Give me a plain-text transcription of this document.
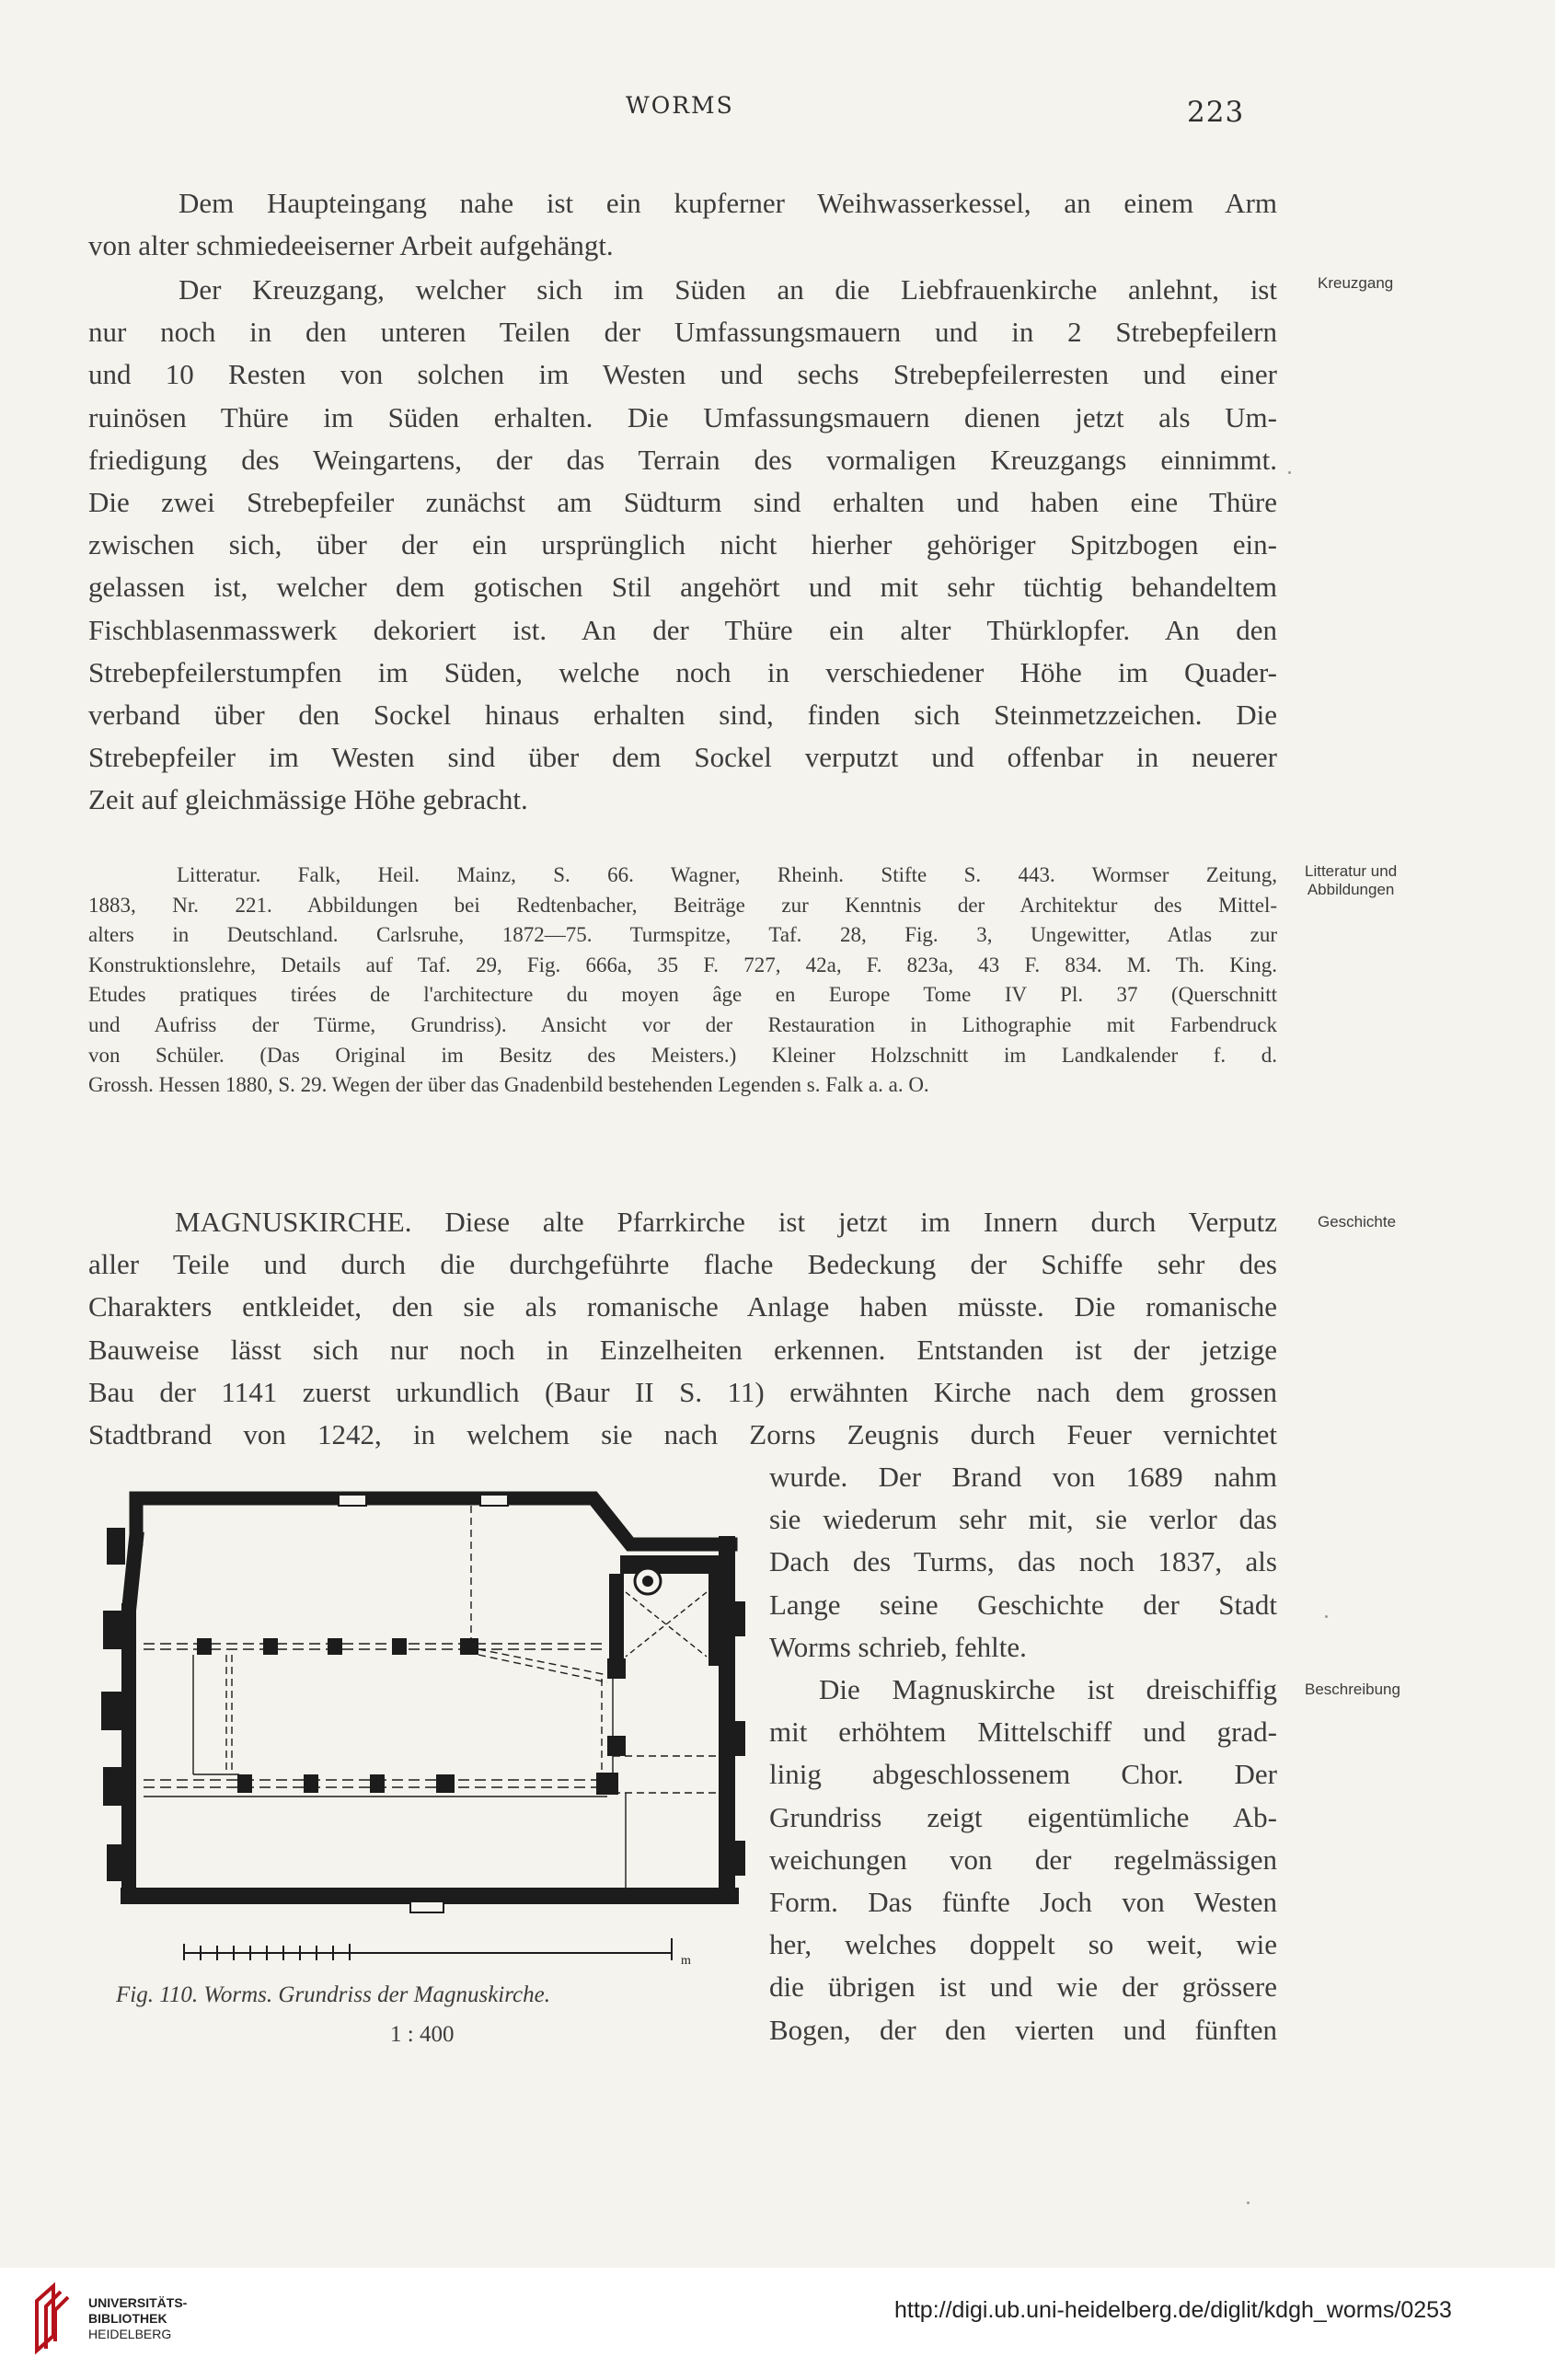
WORMS	223
Dem Haupteingang nahe ist ein kupferner Weihwasserkessel, an einem Arm
von alter schmiedeeiserner Arbeit aufgehängt.
Der Kreuzgang, welcher sich im Süden an die Liebfrauenkirche anlehnt, ist
nur noch in den unteren Teilen der Umfassungsmauern und in 2 Strebepfeilern
und 10 Resten von solchen im Westen und sechs Strebepfeilerresten und einer
ruinösen Thüre im Süden erhalten. Die Umfassungsmauern dienen jetzt als Um-
friedigung des Weingartens, der das Terrain des vormaligen Kreuzgangs einnimmt.
Die zwei Strebepfeiler zunächst am Südturm sind erhalten und haben eine Thüre
zwischen sich, über der ein ursprünglich nicht hierher gehöriger Spitzbogen ein-
gelassen ist, welcher dem gotischen Stil angehört und mit sehr tüchtig behandeltem
Fischblasenmasswerk dekoriert ist. An der Thüre ein alter Thürklopfer. An den
Strebepfeilerstumpfen im Süden, welche noch in verschiedener Höhe im Quader-
verband über den Sockel hinaus erhalten sind, finden sich Steinmetzzeichen. Die
Strebepfeiler im Westen sind über dem Sockel verputzt und offenbar in neuerer
Zeit auf gleichmässige Höhe gebracht.
Litteratur. Falk, Heil. Mainz, S. 66. Wagner, Rheinh. Stifte S. 443. Wormser Zeitung,
1883, Nr. 221. Abbildungen bei Redtenbacher, Beiträge zur Kenntnis der Architektur des Mittel-
alters in Deutschland. Carlsruhe, 1872—75. Turmspitze, Taf. 28, Fig. 3, Ungewitter, Atlas zur
Konstruktionslehre, Details auf Taf. 29, Fig. 666a, 35 F. 727, 42a, F. 823a, 43 F. 834. M. Th. King.
Etudes pratiques tirées de l'architecture du moyen âge en Europe Tome IV Pl. 37 (Querschnitt
und Aufriss der Türme, Grundriss). Ansicht vor der Restauration in Lithographie mit Farbendruck
von Schüler. (Das Original im Besitz des Meisters.) Kleiner Holzschnitt im Landkalender f. d.
Grossh. Hessen 1880, S. 29. Wegen der über das Gnadenbild bestehenden Legenden s. Falk a. a. O.
MAGNUSKIRCHE. Diese alte Pfarrkirche ist jetzt im Innern durch Verputz
aller Teile und durch die durchgeführte flache Bedeckung der Schiffe sehr des
Charakters entkleidet, den sie als romanische Anlage haben müsste. Die romanische
Bauweise lässt sich nur noch in Einzelheiten erkennen. Entstanden ist der jetzige
Bau der 1141 zuerst urkundlich (Baur II S. 11) erwähnten Kirche nach dem grossen
Stadtbrand von 1242, in welchem sie nach Zorns Zeugnis durch Feuer vernichtet
wurde. Der Brand von 1689 nahm
sie wiederum sehr mit, sie verlor das
Dach des Turms, das noch 1837, als
Lange seine Geschichte der Stadt
Worms schrieb, fehlte.
Die Magnuskirche ist dreischiffig
mit erhöhtem Mittelschiff und grad-
linig abgeschlossenem Chor. Der
Grundriss zeigt eigentümliche Ab-
weichungen von der regelmässigen
Form. Das fünfte Joch von Westen
her, welches doppelt so weit, wie
die übrigen ist und wie der grössere
Bogen, der den vierten und fünften
Kreuzgang
Litteratur und
Abbildungen
Geschichte
Beschreibung
m
Fig. 110. Worms. Grundriss der Magnuskirche.
1 : 400
UNIVERSITÄTS-
BIBLIOTHEK
HEIDELBERG
http://digi.ub.uni-heidelberg.de/diglit/kdgh_worms/0253
